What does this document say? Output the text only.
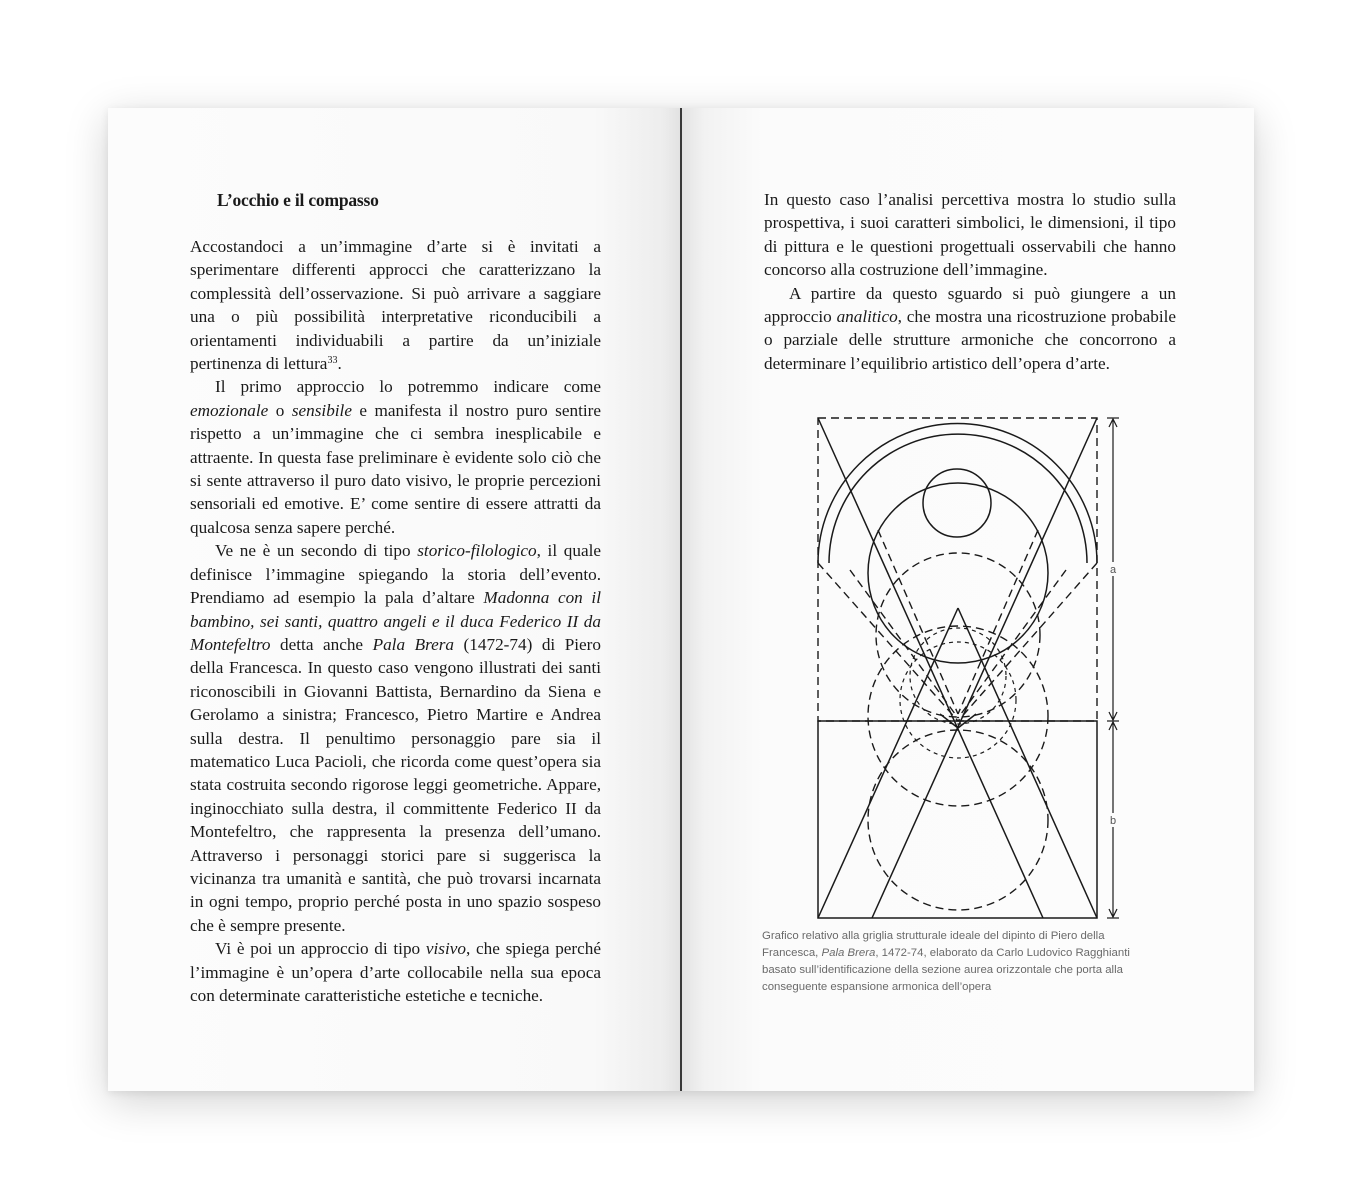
L’occhio e il compasso

Accostandoci a un’immagine d’arte si è invitati a sperimentare differenti approcci che caratterizzano la complessità dell’osservazione. Si può arrivare a saggiare una o più possibilità interpretative riconducibili a orientamenti individuabili a partire da un’iniziale pertinenza di lettura$^{33}$.

Il primo approccio lo potremmo indicare come emozionale o sensibile e manifesta il nostro puro sentire rispetto a un’immagine che ci sembra inesplicabile e attraente. In questa fase preliminare è evidente solo ciò che si sente attraverso il puro dato visivo, le proprie percezioni sensoriali ed emotive. E’ come sentire di essere attratti da qualcosa senza sapere perché.

Ve ne è un secondo di tipo storico-filologico, il quale definisce l’immagine spiegando la storia dell’evento. Prendiamo ad esempio la pala d’altare Madonna con il bambino, sei santi, quattro angeli e il duca Federico II da Montefeltro detta anche Pala Brera (1472-74) di Piero della Francesca. In questo caso vengono illustrati dei santi riconoscibili in Giovanni Battista, Bernardino da Siena e Gerolamo a sinistra; Francesco, Pietro Martire e Andrea sulla destra. Il penultimo personaggio pare sia il matematico Luca Pacioli, che ricorda come quest’opera sia stata costruita secondo rigorose leggi geometriche. Appare, inginocchiato sulla destra, il committente Federico II da Montefeltro, che rappresenta la presenza dell’umano. Attraverso i personaggi storici pare si suggerisca la vicinanza tra umanità e santità, che può trovarsi incarnata in ogni tempo, proprio perché posta in uno spazio sospeso che è sempre presente.

Vi è poi un approccio di tipo visivo, che spiega perché l’immagine è un’opera d’arte collocabile nella sua epoca con determinate caratteristiche estetiche e tecniche.

In questo caso l’analisi percettiva mostra lo studio sulla prospettiva, i suoi caratteri simbolici, le dimensioni, il tipo di pittura e le questioni progettuali osservabili che hanno concorso alla costruzione dell’immagine.

A partire da questo sguardo si può giungere a un approccio analitico, che mostra una ricostruzione probabile o parziale delle strutture armoniche che concorrono a determinare l’equilibrio artistico dell’opera d’arte.

a
b
Grafico relativo alla griglia strutturale ideale del dipinto di Piero della
Francesca, Pala Brera, 1472-74, elaborato da Carlo Ludovico Ragghianti
basato sull’identificazione della sezione aurea orizzontale che porta alla
conseguente espansione armonica dell’opera
